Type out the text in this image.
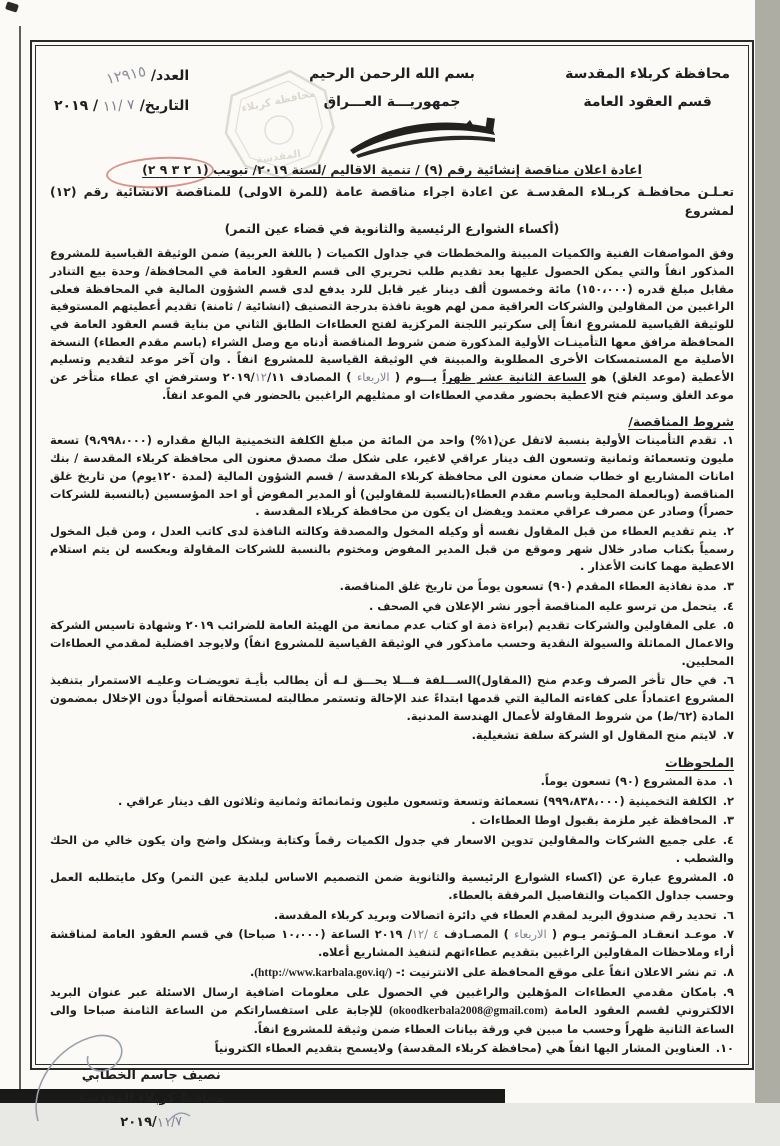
محافظة كربلاء المقدسة
قسم العقود العامة
بسم الله الرحمن الرحيم
جمهوريـــة العـــراق
العدد/ ١٢٩١٥
التاريخ/ ٧ /١١ / ٢٠١٩	محافظة كربلاء
المقدسة
اعادة اعلان مناقصة إنشائية رقم (٩) / تنمية الاقاليم /لسنة ٢٠١٩/ تبويب (١ ٢ ٣ ٩ ٢)
تعـلـن محافظـة كربـلاء المقدسـة عن اعادة اجراء مناقصة عامة (للمرة الاولى) للمناقصة الانشائية رقم (١٢) لمشروع
(أكساء الشوارع الرئيسية والثانوية في قضاء عين التمر)
وفق المواصفات الفنية والكميات المبينة والمخططات في جداول الكميات ( باللغة العربية) ضمن الوثيقة القياسية للمشروع المذكور انفاً والتي يمكن الحصول عليها بعد تقديم طلب تحريري الى قسم العقود العامة في المحافظة/ وحدة بيع التنادر مقابل مبلغ قدره (١٥٠،٠٠٠) مائة وخمسون ألف دينار غير قابل للرد يدفع لدى قسم الشؤون المالية في المحافظة فعلى الراغبين من المقاولين والشركات العراقية ممن لهم هوية نافذة بدرجة التصنيف (انشائية / ثامنة) تقديم أعطيتهم المستوفية للوثيقة القياسية للمشروع انفاً إلى سكرتير اللجنة المركزية لفتح العطاءات الطابق الثاني من بناية قسم العقود العامة في المحافظة مرافق معها التأمينـات الأولية المذكورة ضمن شروط المناقصة أدناه مع وصل الشراء (باسم مقدم العطاء) النسخة الأصلية مع المستمسكات الأخرى المطلوبة والمبينة في الوثيقة القياسية للمشروع انفاً . وان آخر موعد لتقديم وتسليم الأعطية (موعد الغلق) هو الساعة الثانية عشر ظهراً يـــوم ( الاربعاء ) المصادف ١١/١٢/٢٠١٩ وسترفض اي عطاء متأخر عن موعد الغلق وسيتم فتح الاعطية بحضور مقدمي العطاءات او ممثليهم الراغبين بالحضور في الموعد انفاً.
شروط المناقصة/
١.تقدم التأمينات الأولية بنسبة لاتقل عن(١%) واحد من المائة من مبلغ الكلفة التخمينية البالغ مقداره (٩،٩٩٨،٠٠٠) تسعة مليون وتسعمائة وثمانية وتسعون الف دينار عراقي لاغير، على شكل صك مصدق معنون الى محافظة كربلاء المقدسة / بنك امانات المشاريع او خطاب ضمان معنون الى محافظة كربلاء المقدسة / قسم الشؤون المالية (لمدة ١٢٠يوم) من تاريخ غلق المناقصة (وبالعملة المحلية وباسم مقدم العطاء(بالنسبة للمقاولين) أو المدير المفوض أو احد المؤسسين (بالنسبة للشركات حصراً) وصادر عن مصرف عراقي معتمد ويفضل ان يكون من محافظة كربلاء المقدسة .
٢.يتم تقديم العطاء من قبل المقاول نفسه أو وكيله المخول والمصدقة وكالته النافذة لدى كاتب العدل ، ومن قبل المخول رسمياً بكتاب صادر خلال شهر وموقع من قبل المدير المفوض ومختوم بالنسبة للشركات المقاولة وبعكسه لن يتم استلام الاعطية مهما كانت الأعذار .
٣.مدة نفاذية العطاء المقدم (٩٠) تسعون يوماً من تاريخ غلق المناقصة.
٤.يتحمل من ترسو عليه المناقصة أجور نشر الإعلان في الصحف .
٥.على المقاولين والشركات تقديم (براءة ذمة او كتاب عدم ممانعة من الهيئة العامة للضرائب ٢٠١٩ وشهادة تاسيس الشركة والاعمال المماثلة والسيولة النقدية وحسب مامذكور في الوثيقة القياسية للمشروع انفاً) ولايوجد افضلية لمقدمي العطاءات المحليين.
٦.في حال تأخر الصرف وعدم منح (المقاول)الســـلفة فـــلا يحـــق لـه أن يطالب بأيـة تعويضـات وعليـه الاستمرار بتنفيذ المشروع اعتماداً على كفاءته المالية التي قدمها ابتداءً عند الإحالة وتستمر مطالبته لمستحقاته أصولياً دون الإخلال بمضمون المادة (٦٢/ط) من شروط المقاولة لأعمال الهندسة المدنية.
٧.لايتم منح المقاول او الشركة سلفة تشغيلية.
الملحوظات
١.مدة المشروع (٩٠) تسعون يوماً.
٢.الكلفة التخمينية (٩٩٩،٨٣٨،٠٠٠) تسعمائة وتسعة وتسعون مليون وثمانمائة وثمانية وثلاثون الف دينار عراقي .
٣.المحافظة غير ملزمة بقبول اوطا العطاءات .
٤.على جميع الشركات والمقاولين تدوين الاسعار في جدول الكميات رقماً وكتابة وبشكل واضح وان يكون خالي من الحك والشطب .
٥.المشروع عبارة عن (اكساء الشوارع الرئيسية والثانوية ضمن التصميم الاساس لبلدية عين التمر) وكل مايتطلبه العمل وحسب جداول الكميات والتفاصيل المرفقة بالعطاء.
٦.تحديد رقم صندوق البريد لمقدم العطاء في دائرة اتصالات وبريد كربلاء المقدسة.
٧.موعـد انعقـاد المـؤتمر يـوم ( الاربعاء ) المصـادف ٤ /١٢/ ٢٠١٩ الساعة (١٠،٠٠٠ صباحا) في قسم العقود العامة لمناقشة أراء وملاحظات المقاولين الراغبين بتقديم عطاءاتهم لتنفيذ المشاريع أعلاه.
٨.تم نشر الاعلان انفاً على موقع المحافظة على الانترنيت :- (http://www.karbala.gov.iq/).
٩.بامكان مقدمي العطاءات المؤهلين والراغبين في الحصول على معلومات اضافية ارسال الاسئلة عبر عنوان البريد الالكتروني لقسم العقود العامة (okoodkerbala2008@gmail.com) للإجابة على استفساراتكم من الساعة الثامنة صباحا والى الساعة الثانية ظهراً وحسب ما مبين في ورقة بيانات العطاء ضمن وثيقة للمشروع انفاً.
١٠.العناوين المشار اليها انفاً هي (محافظة كربلاء المقدسة) ولايسمح بتقديم العطاء الكترونياً
نصيف جاسم الخطابي
محافظ كربلاء المقدسة
٢٠١٩/١١/٧
